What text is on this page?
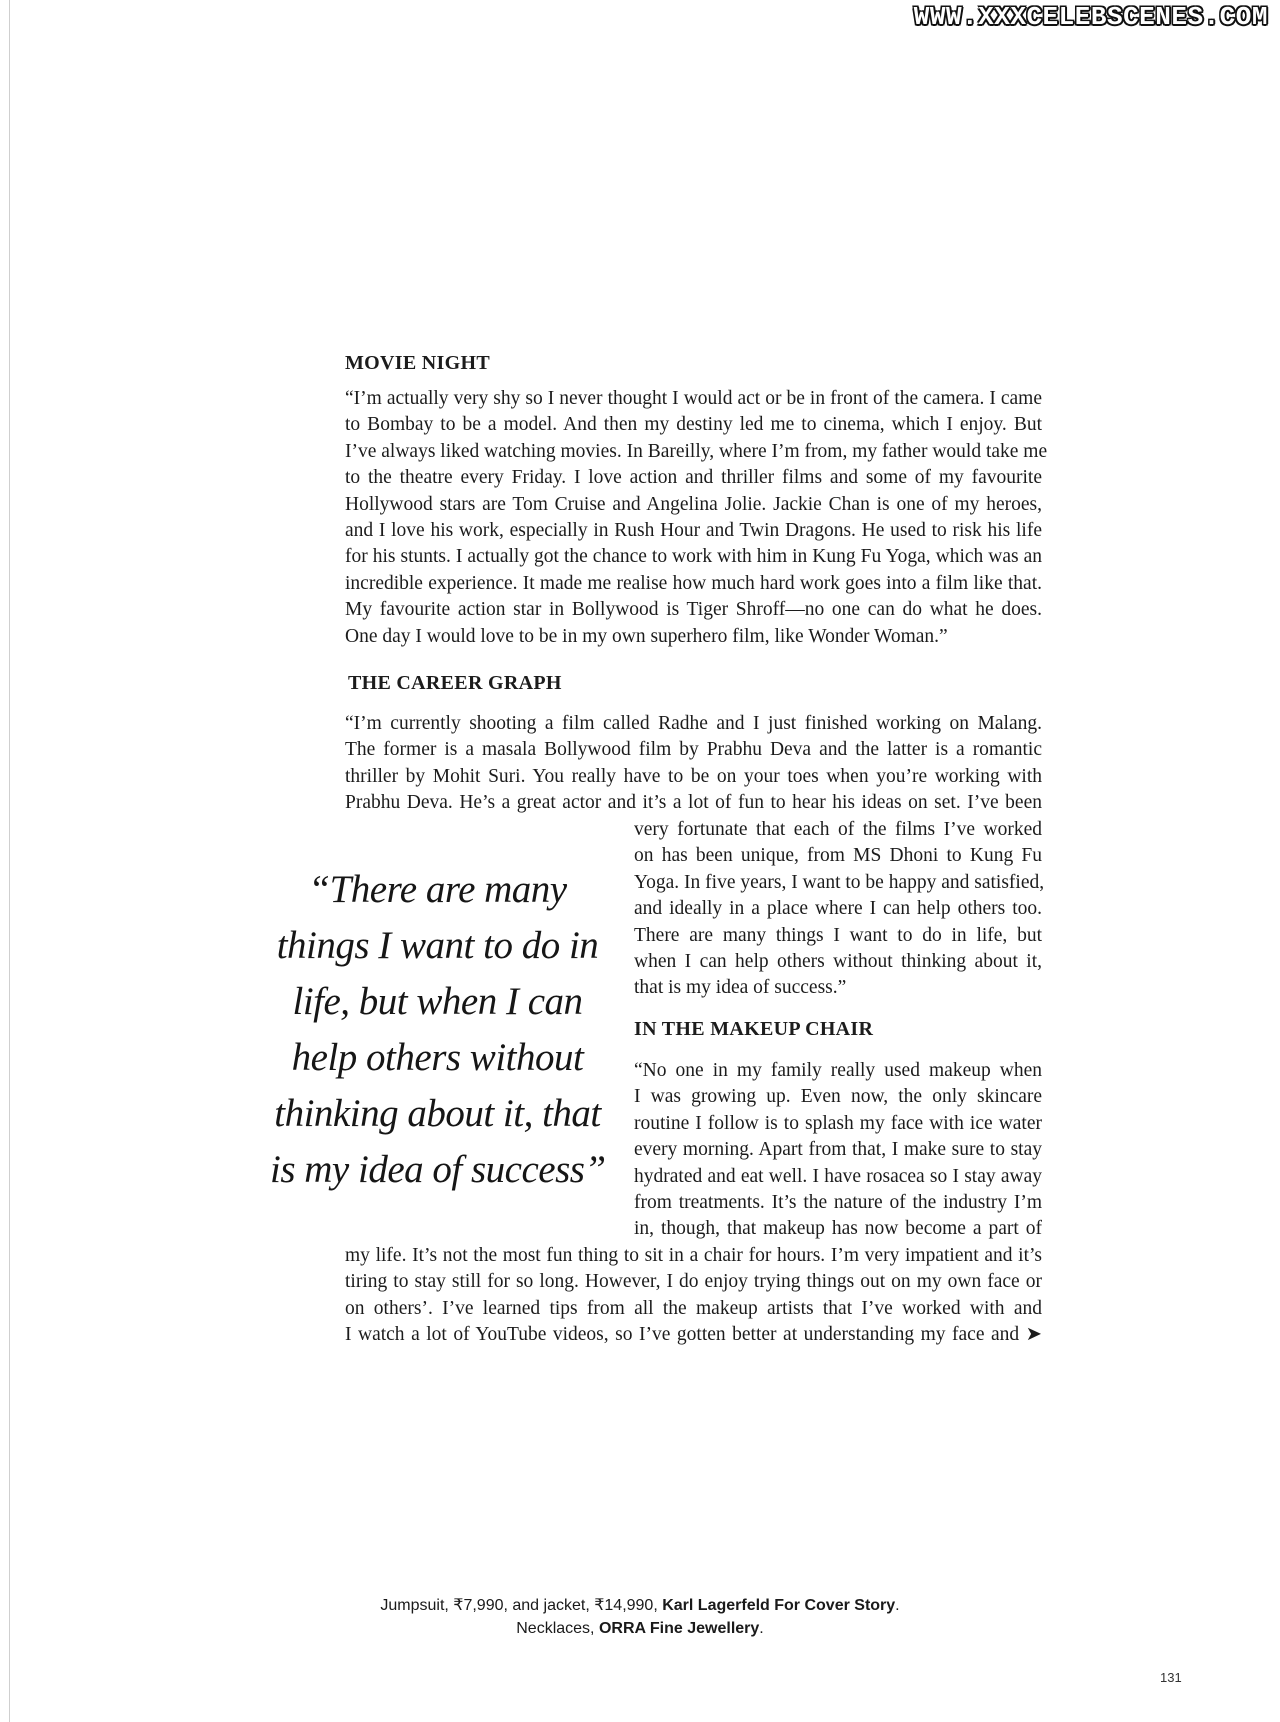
WWW.XXXCELEBSCENES.COM
MOVIE NIGHT
“I’m actually very shy so I never thought I would act or be in front of the camera. I came
to Bombay to be a model. And then my destiny led me to cinema, which I enjoy. But
I’ve always liked watching movies. In Bareilly, where I’m from, my father would take me
to the theatre every Friday. I love action and thriller films and some of my favourite
Hollywood stars are Tom Cruise and Angelina Jolie. Jackie Chan is one of my heroes,
and I love his work, especially in Rush Hour and Twin Dragons. He used to risk his life
for his stunts. I actually got the chance to work with him in Kung Fu Yoga, which was an
incredible experience. It made me realise how much hard work goes into a film like that.
My favourite action star in Bollywood is Tiger Shroff—no one can do what he does.
One day I would love to be in my own superhero film, like Wonder Woman.”
THE CAREER GRAPH
“I’m currently shooting a film called Radhe and I just finished working on Malang.
The former is a masala Bollywood film by Prabhu Deva and the latter is a romantic
thriller by Mohit Suri. You really have to be on your toes when you’re working with
Prabhu Deva. He’s a great actor and it’s a lot of fun to hear his ideas on set. I’ve been
very fortunate that each of the films I’ve worked
on has been unique, from MS Dhoni to Kung Fu
Yoga. In five years, I want to be happy and satisfied,
and ideally in a place where I can help others too.
There are many things I want to do in life, but
when I can help others without thinking about it,
that is my idea of success.”
“There are many
things I want to do in
life, but when I can
help others without
thinking about it, that
is my idea of success”
IN THE MAKEUP CHAIR
“No one in my family really used makeup when
I was growing up. Even now, the only skincare
routine I follow is to splash my face with ice water
every morning. Apart from that, I make sure to stay
hydrated and eat well. I have rosacea so I stay away
from treatments. It’s the nature of the industry I’m
in, though, that makeup has now become a part of
my life. It’s not the most fun thing to sit in a chair for hours. I’m very impatient and it’s
tiring to stay still for so long. However, I do enjoy trying things out on my own face or
on others’. I’ve learned tips from all the makeup artists that I’ve worked with and
I watch a lot of YouTube videos, so I’ve gotten better at understanding my face and ➤
Jumpsuit, ₹7,990, and jacket, ₹14,990, Karl Lagerfeld For Cover Story.
Necklaces, ORRA Fine Jewellery.
131
